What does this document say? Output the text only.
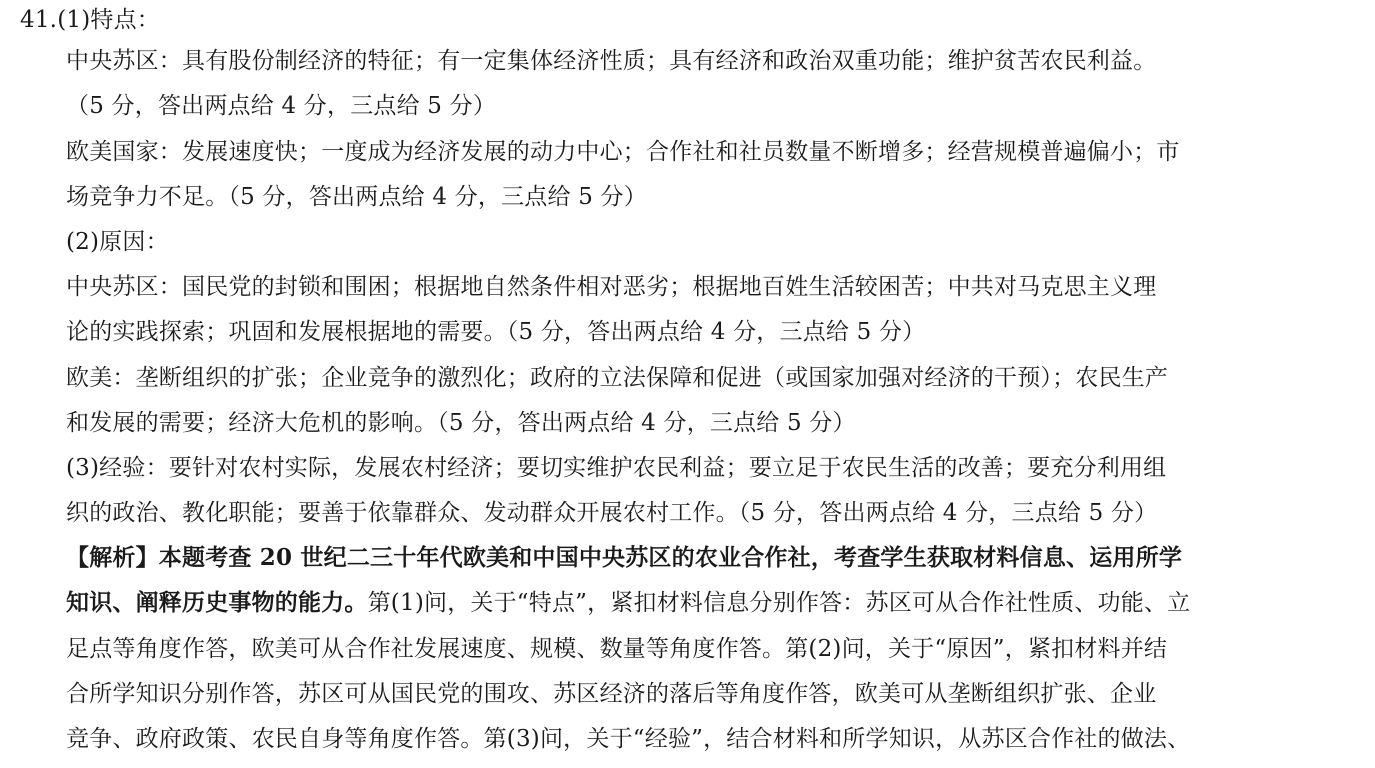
41.(1)特点：
中央苏区：具有股份制经济的特征；有一定集体经济性质；具有经济和政治双重功能；维护贫苦农民利益。
（5 分，答出两点给 4 分，三点给 5 分）
欧美国家：发展速度快；一度成为经济发展的动力中心；合作社和社员数量不断增多；经营规模普遍偏小；市
场竞争力不足。（5 分，答出两点给 4 分，三点给 5 分）
(2)原因：
中央苏区：国民党的封锁和围困；根据地自然条件相对恶劣；根据地百姓生活较困苦；中共对马克思主义理
论的实践探索；巩固和发展根据地的需要。（5 分，答出两点给 4 分，三点给 5 分）
欧美：垄断组织的扩张；企业竞争的激烈化；政府的立法保障和促进（或国家加强对经济的干预）；农民生产
和发展的需要；经济大危机的影响。（5 分，答出两点给 4 分，三点给 5 分）
(3)经验：要针对农村实际，发展农村经济；要切实维护农民利益；要立足于农民生活的改善；要充分利用组
织的政治、教化职能；要善于依靠群众、发动群众开展农村工作。（5 分，答出两点给 4 分，三点给 5 分）
【解析】本题考查 20 世纪二三十年代欧美和中国中央苏区的农业合作社，考查学生获取材料信息、运用所学
知识、阐释历史事物的能力。第(1)问，关于“特点”，紧扣材料信息分别作答：苏区可从合作社性质、功能、立
足点等角度作答，欧美可从合作社发展速度、规模、数量等角度作答。第(2)问，关于“原因”，紧扣材料并结
合所学知识分别作答，苏区可从国民党的围攻、苏区经济的落后等角度作答，欧美可从垄断组织扩张、企业
竞争、政府政策、农民自身等角度作答。第(3)问，关于“经验”，结合材料和所学知识，从苏区合作社的做法、
